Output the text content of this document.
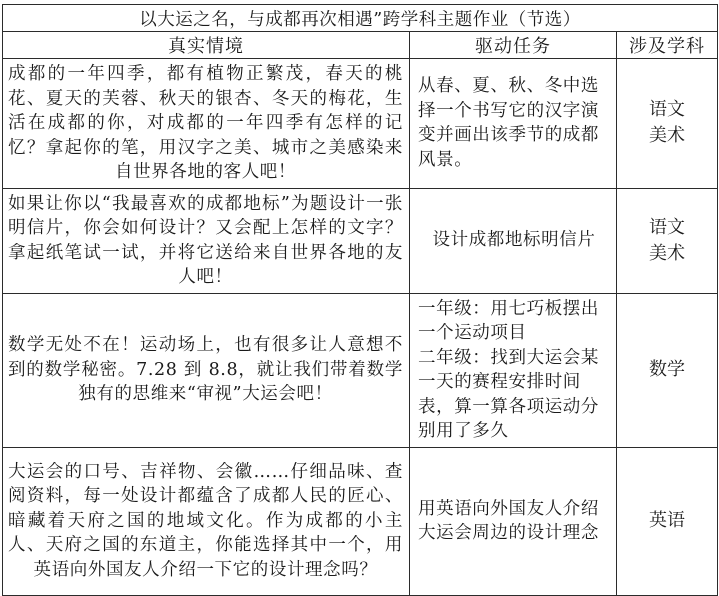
以大运之名，与成都再次相遇”跨学科主题作业（节选）		
真实情境	驱动任务	涉及学科
成都的一年四季，都有植物正繁茂，春天的桃花、夏天的芙蓉、秋天的银杏、冬天的梅花，生活在成都的你，对成都的一年四季有怎样的记忆？拿起你的笔，用汉字之美、城市之美感染来自世界各地的客人吧！	从春、夏、秋、冬中选择一个书写它的汉字演变并画出该季节的成都风景。	语文
美术

如果让你以“我最喜欢的成都地标”为题设计一张明信片，你会如何设计？又会配上怎样的文字？拿起纸笔试一试，并将它送给来自世界各地的友人吧！	设计成都地标明信片	语文
美术

数学无处不在！运动场上，也有很多让人意想不到的数学秘密。7.28 到 8.8，就让我们带着数学独有的思维来“审视”大运会吧！	一年级：用七巧板摆出一个运动项目
二年级：找到大运会某一天的赛程安排时间表，算一算各项运动分别用了多久	数学

大运会的口号、吉祥物、会徽……仔细品味、查阅资料，每一处设计都蕴含了成都人民的匠心、暗藏着天府之国的地域文化。作为成都的小主人、天府之国的东道主，你能选择其中一个，用英语向外国友人介绍一下它的设计理念吗？	用英语向外国友人介绍大运会周边的设计理念	英语
